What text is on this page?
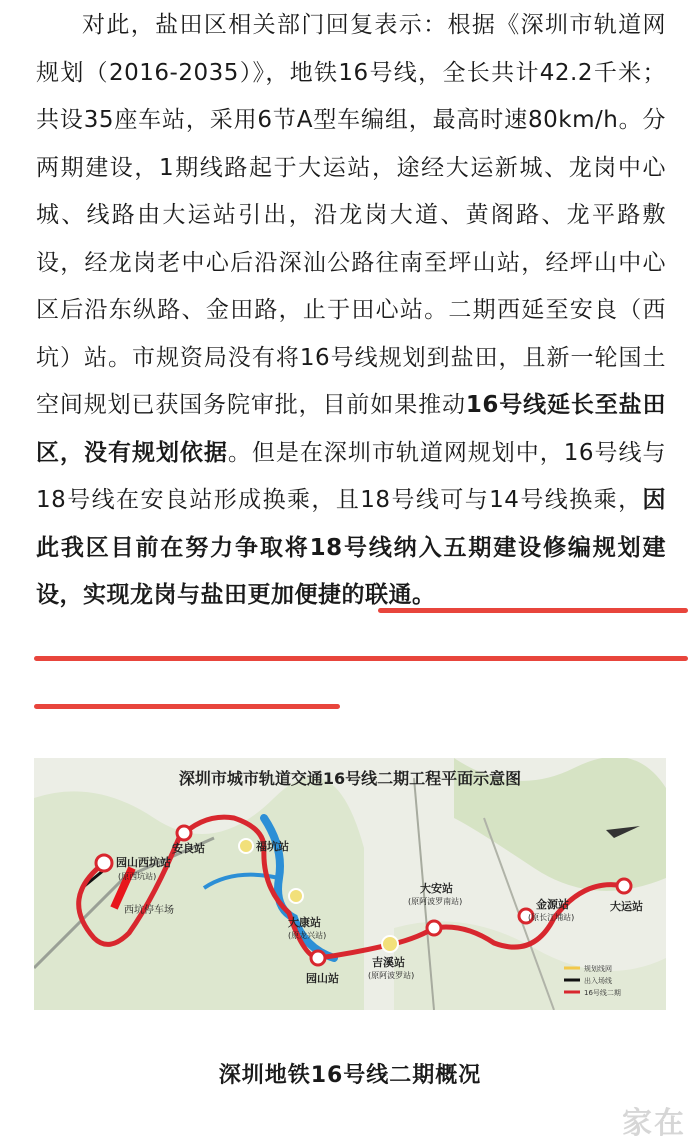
对此，盐田区相关部门回复表示：根据《深圳市轨道网规划（2016-2035）》，地铁16号线，全长共计42.2千米；共设35座车站，采用6节A型车编组，最高时速80km/h。分两期建设，1期线路起于大运站，途经大运新城、龙岗中心城、线路由大运站引出，沿龙岗大道、黄阁路、龙平路敷设，经龙岗老中心后沿深汕公路往南至坪山站，经坪山中心区后沿东纵路、金田路，止于田心站。二期西延至安良（西坑）站。市规资局没有将16号线规划到盐田，且新一轮国土空间规划已获国务院审批，目前如果推动16号线延长至盐田区，没有规划依据。但是在深圳市轨道网规划中，16号线与18号线在安良站形成换乘，且18号线可与14号线换乘，因此我区目前在努力争取将18号线纳入五期建设修编规划建设，实现龙岗与盐田更加便捷的联通。

深圳市城市轨道交通16号线二期工程平面示意图
园山西坑站
(原西坑站)
西坑停车场
安良站	福坑站
大康站
(原龙兴站)
园山站
吉溪站
(原阿波罗站)
大安站
(原阿波罗南站)	金源站
(原长江埔站)
大运站
规划线网
出入场线
16号线二期
深圳地铁16号线二期概况
家在
